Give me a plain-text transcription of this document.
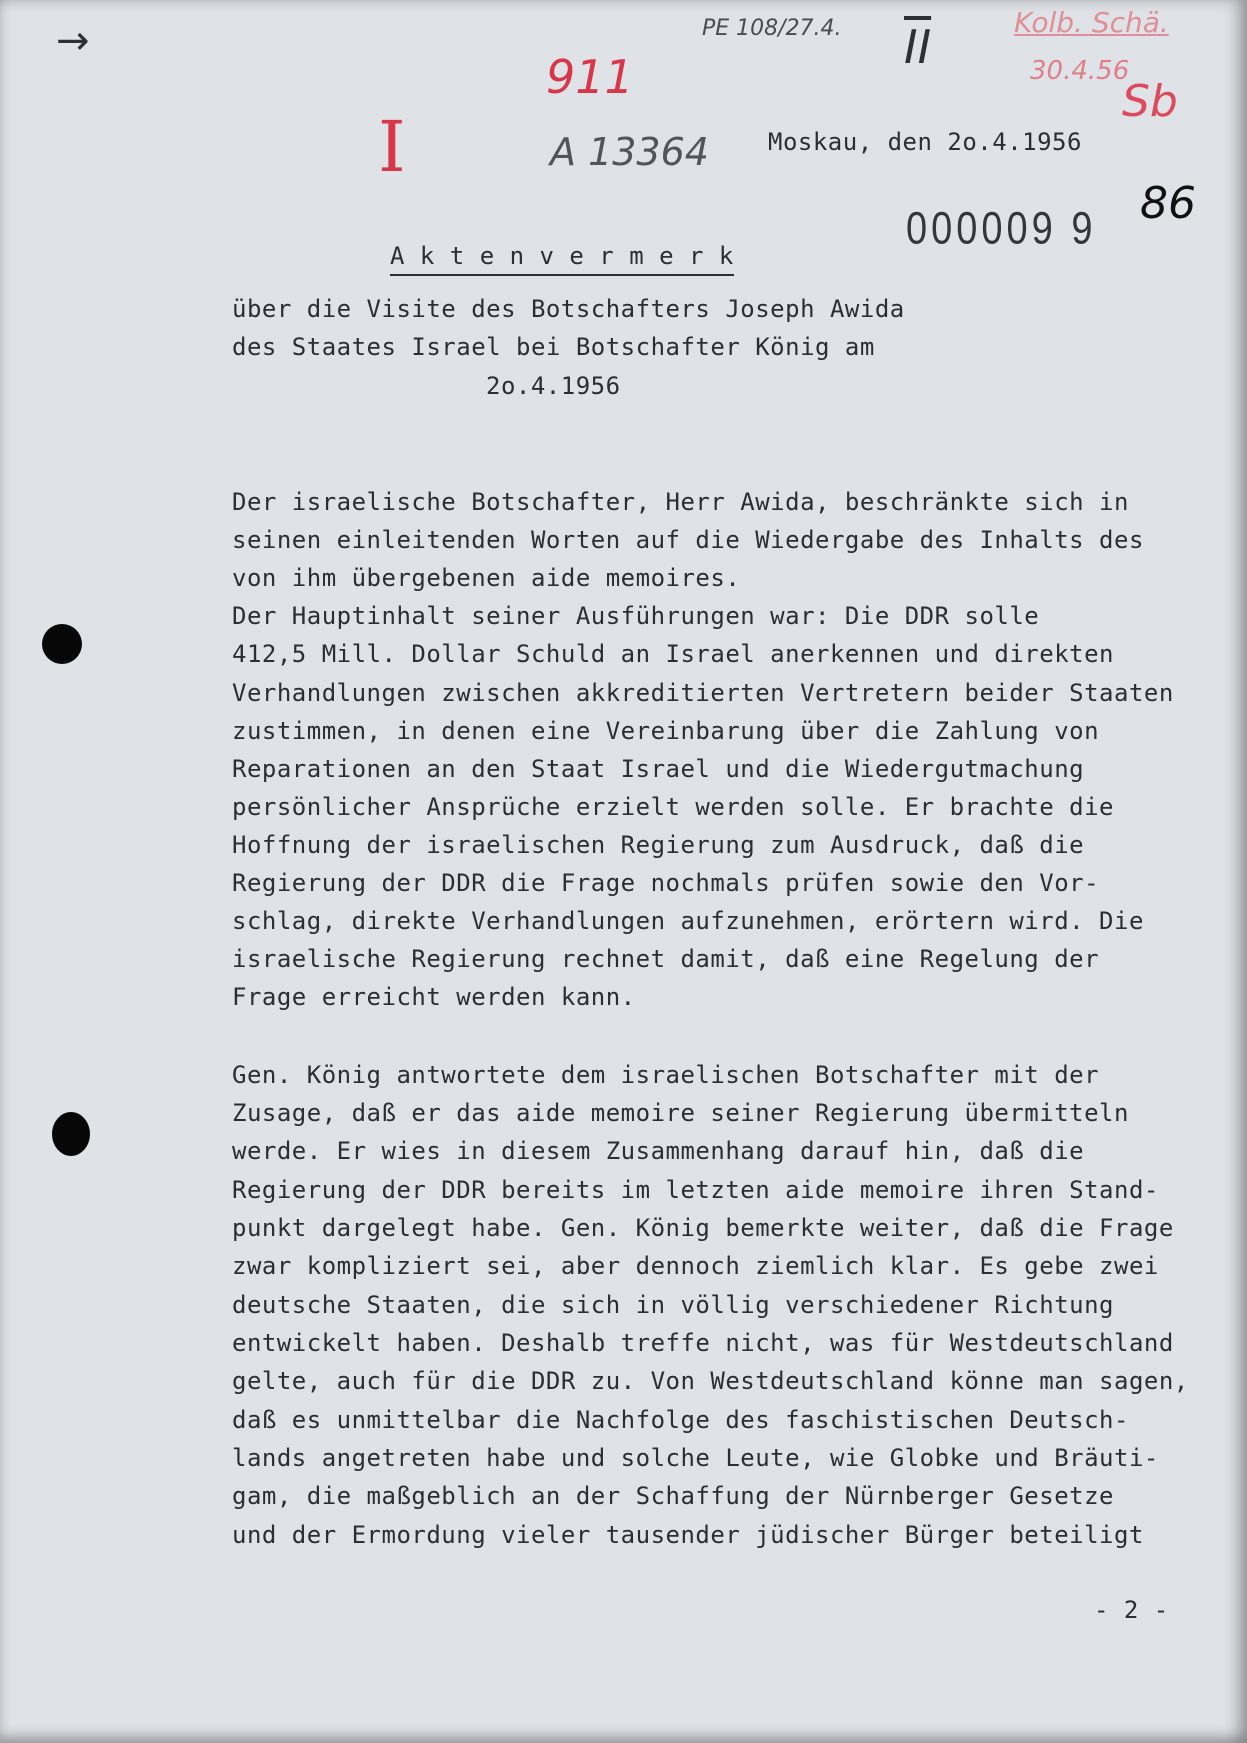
→
911
PE 108/27.4. $\overline{II}$	Kolb. Schä.
30.4.56
Sb
I	A 13364
86
000009 9
Moskau, den 2o.4.1956
A k t e n v e r m e r k
über die Visite des Botschafters Joseph Awida
des Staates Israel bei Botschafter König am
2o.4.1956
Der israelische Botschafter, Herr Awida, beschränkte sich in
seinen einleitenden Worten auf die Wiedergabe des Inhalts des
von ihm übergebenen aide memoires.
Der Hauptinhalt seiner Ausführungen war: Die DDR solle
412,5 Mill. Dollar Schuld an Israel anerkennen und direkten
Verhandlungen zwischen akkreditierten Vertretern beider Staaten
zustimmen, in denen eine Vereinbarung über die Zahlung von
Reparationen an den Staat Israel und die Wiedergutmachung
persönlicher Ansprüche erzielt werden solle. Er brachte die
Hoffnung der israelischen Regierung zum Ausdruck, daß die
Regierung der DDR die Frage nochmals prüfen sowie den Vor-
schlag, direkte Verhandlungen aufzunehmen, erörtern wird. Die
israelische Regierung rechnet damit, daß eine Regelung der
Frage erreicht werden kann.
Gen. König antwortete dem israelischen Botschafter mit der
Zusage, daß er das aide memoire seiner Regierung übermitteln
werde. Er wies in diesem Zusammenhang darauf hin, daß die
Regierung der DDR bereits im letzten aide memoire ihren Stand-
punkt dargelegt habe. Gen. König bemerkte weiter, daß die Frage
zwar kompliziert sei, aber dennoch ziemlich klar. Es gebe zwei
deutsche Staaten, die sich in völlig verschiedener Richtung
entwickelt haben. Deshalb treffe nicht, was für Westdeutschland
gelte, auch für die DDR zu. Von Westdeutschland könne man sagen,
daß es unmittelbar die Nachfolge des faschistischen Deutsch-
lands angetreten habe und solche Leute, wie Globke und Bräuti-
gam, die maßgeblich an der Schaffung der Nürnberger Gesetze
und der Ermordung vieler tausender jüdischer Bürger beteiligt
- 2 -
